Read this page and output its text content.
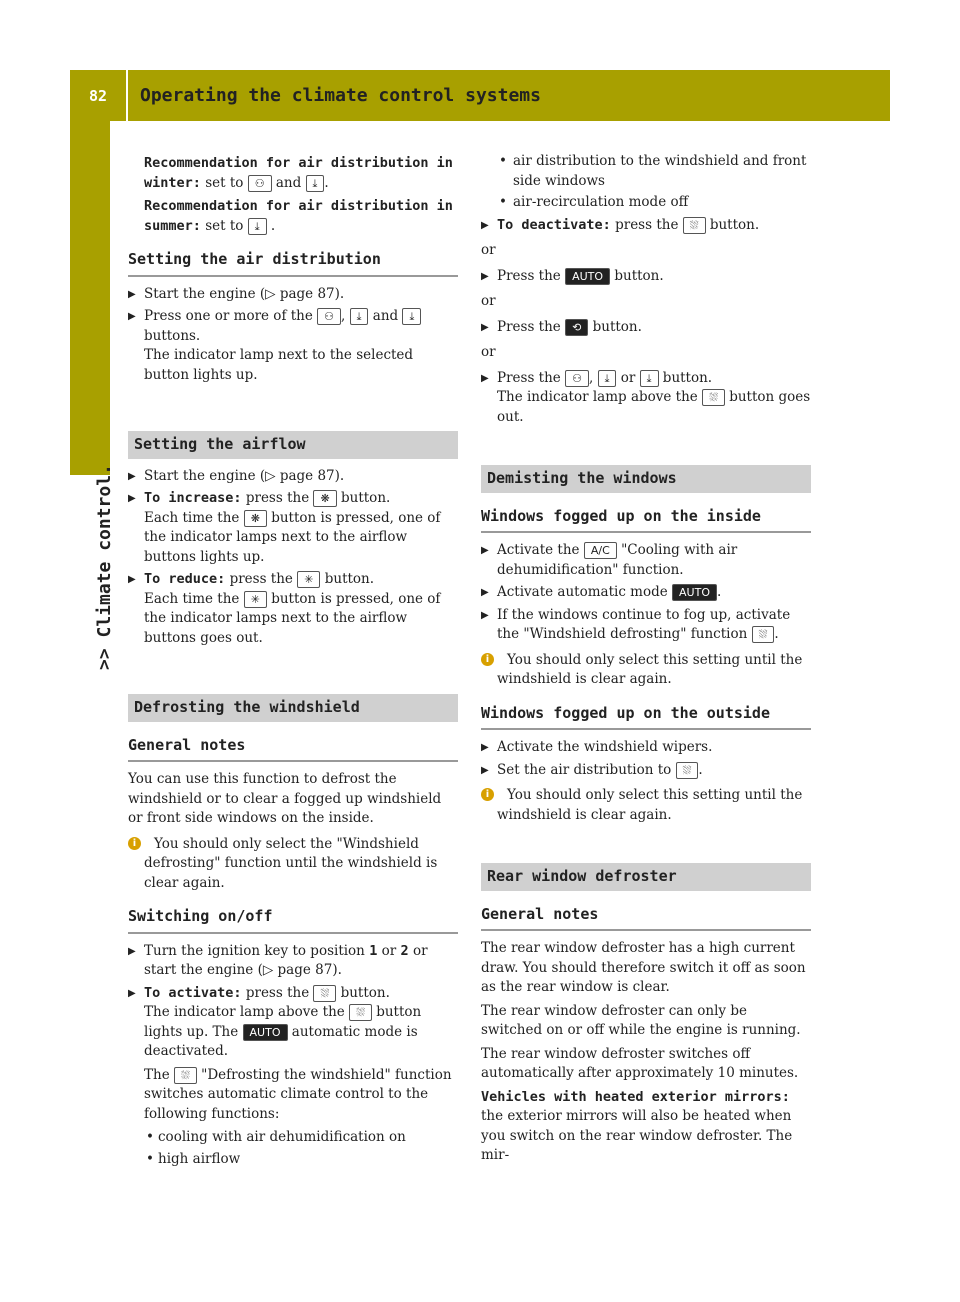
82	Operating the climate control systems
>> Climate control.
Recommendation for air distribution in winter: set to ⚇ and ⤓ .
Recommendation for air distribution in summer: set to ⤓ .
Setting the air distribution
▶ Start the engine (▷ page 87).
▶ Press one or more of the ⚇ , ⤓ and ⤓ buttons.
The indicator lamp next to the selected button lights up.
Setting the airflow
▶ Start the engine (▷ page 87).
▶ To increase: press the ❋ button.
Each time the ❋ button is pressed, one of the indicator lamps next to the airflow buttons lights up.
▶ To reduce: press the ✳ button.
Each time the ✳ button is pressed, one of the indicator lamps next to the airflow buttons goes out.
Defrosting the windshield
General notes
You can use this function to defrost the windshield or to clear a fogged up windshield or front side windows on the inside.
i	You should only select the "Windshield defrosting" function until the windshield is clear again.
Switching on/off
▶ Turn the ignition key to position 1 or 2 or start the engine (▷ page 87).
▶ To activate: press the ⛆ button.
The indicator lamp above the ⛆ button lights up. The AUTO automatic mode is deactivated.
The ⛆ "Defrosting the windshield" function switches automatic climate control to the following functions:
• cooling with air dehumidification on
• high airflow
• air distribution to the windshield and front side windows
• air-recirculation mode off
▶ To deactivate: press the ⛆ button.
or
▶ Press the AUTO button.
or
▶ Press the ⟲ button.
or
▶ Press the ⚇ , ⤓ or ⤓ button.
The indicator lamp above the ⛆ button goes out.
Demisting the windows
Windows fogged up on the inside
▶ Activate the A/C "Cooling with air dehumidification" function.
▶ Activate automatic mode AUTO .
▶ If the windows continue to fog up, activate the "Windshield defrosting" function ⛆ .
i	You should only select this setting until the windshield is clear again.
Windows fogged up on the outside
▶ Activate the windshield wipers.
▶ Set the air distribution to ⛆ .
i	You should only select this setting until the windshield is clear again.
Rear window defroster
General notes
The rear window defroster has a high current draw. You should therefore switch it off as soon as the rear window is clear.
The rear window defroster can only be switched on or off while the engine is running.
The rear window defroster switches off automatically after approximately 10 minutes.
Vehicles with heated exterior mirrors: the exterior mirrors will also be heated when you switch on the rear window defroster. The mir-
